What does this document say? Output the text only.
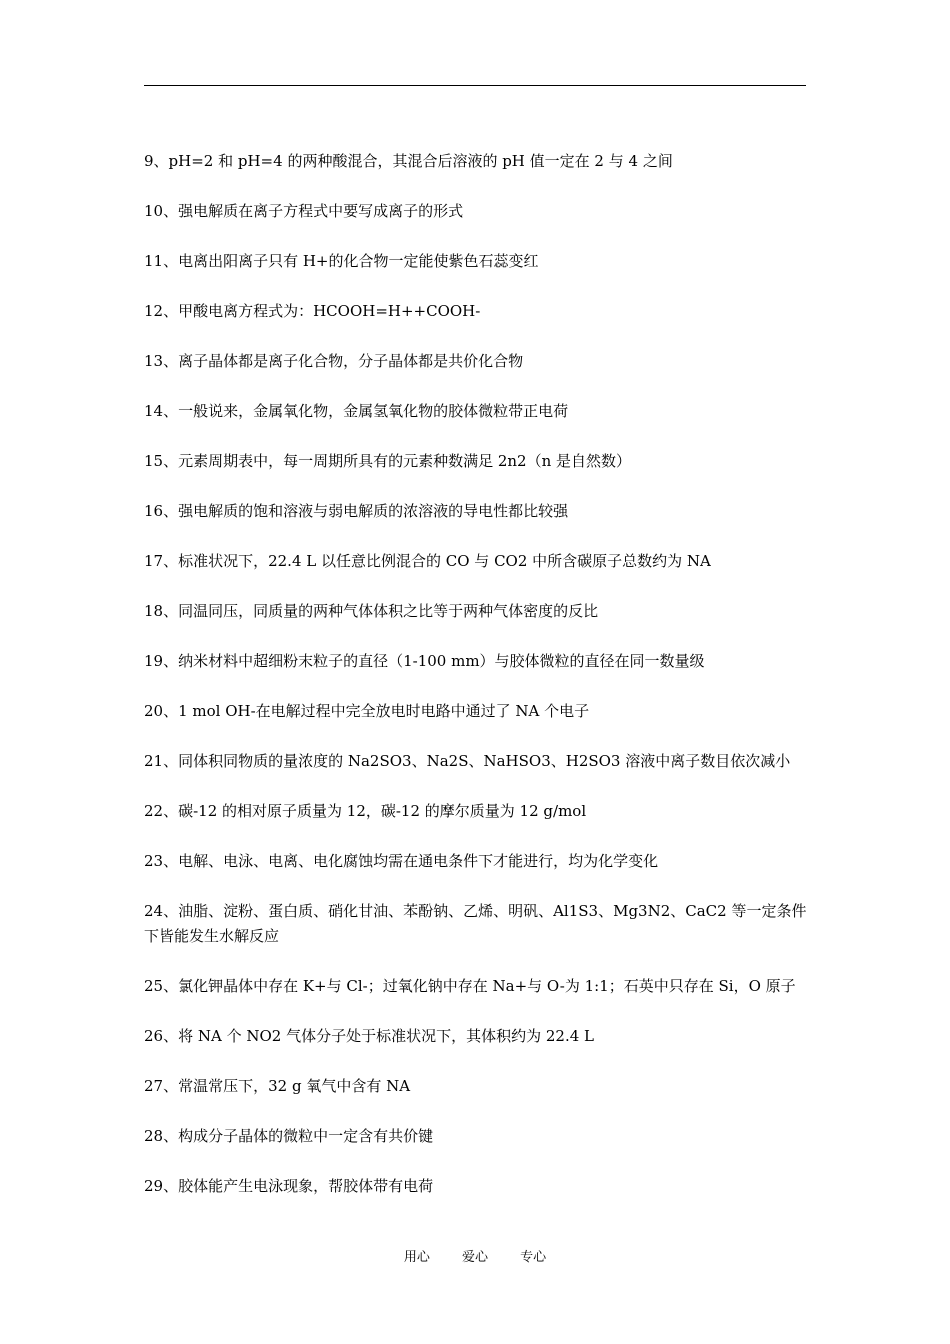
9、pH=2 和 pH=4 的两种酸混合，其混合后溶液的 pH 值一定在 2 与 4 之间

10、强电解质在离子方程式中要写成离子的形式

11、电离出阳离子只有 H+的化合物一定能使紫色石蕊变红

12、甲酸电离方程式为：HCOOH=H++COOH-

13、离子晶体都是离子化合物，分子晶体都是共价化合物

14、一般说来，金属氧化物，金属氢氧化物的胶体微粒带正电荷

15、元素周期表中，每一周期所具有的元素种数满足 2n2（n 是自然数）

16、强电解质的饱和溶液与弱电解质的浓溶液的导电性都比较强

17、标准状况下，22.4 L 以任意比例混合的 CO 与 CO2 中所含碳原子总数约为 NA

18、同温同压，同质量的两种气体体积之比等于两种气体密度的反比

19、纳米材料中超细粉末粒子的直径（1-100 mm）与胶体微粒的直径在同一数量级

20、1 mol OH-在电解过程中完全放电时电路中通过了 NA 个电子

21、同体积同物质的量浓度的 Na2SO3、Na2S、NaHSO3、H2SO3 溶液中离子数目依次减小

22、碳-12 的相对原子质量为 12，碳-12 的摩尔质量为 12 g/mol

23、电解、电泳、电离、电化腐蚀均需在通电条件下才能进行，均为化学变化

24、油脂、淀粉、蛋白质、硝化甘油、苯酚钠、乙烯、明矾、Al1S3、Mg3N2、CaC2 等一定条件下皆能发生水解反应

25、氯化钾晶体中存在 K+与 Cl-；过氧化钠中存在 Na+与 O-为 1:1；石英中只存在 Si，O 原子

26、将 NA 个 NO2 气体分子处于标准状况下，其体积约为 22.4 L

27、常温常压下，32 g 氧气中含有 NA

28、构成分子晶体的微粒中一定含有共价键

29、胶体能产生电泳现象，帮胶体带有电荷

用心 爱心 专心
